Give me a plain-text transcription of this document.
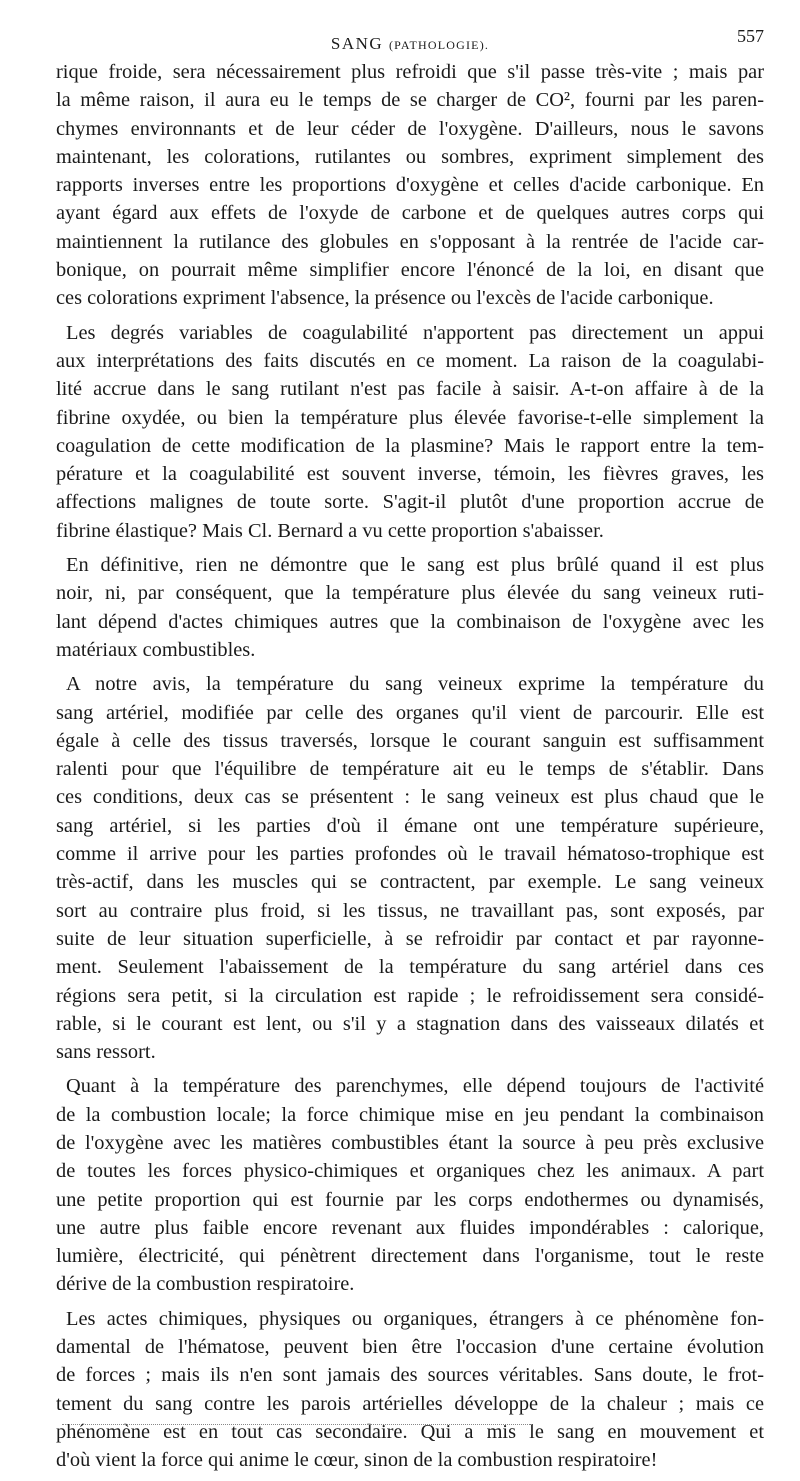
SANG (PATHOLOGIE).	557
rique froide, sera nécessairement plus refroidi que s'il passe très-vite ; mais par
la même raison, il aura eu le temps de se charger de CO², fourni par les paren-
chymes environnants et de leur céder de l'oxygène. D'ailleurs, nous le savons
maintenant, les colorations, rutilantes ou sombres, expriment simplement des
rapports inverses entre les proportions d'oxygène et celles d'acide carbonique. En
ayant égard aux effets de l'oxyde de carbone et de quelques autres corps qui
maintiennent la rutilance des globules en s'opposant à la rentrée de l'acide car-
bonique, on pourrait même simplifier encore l'énoncé de la loi, en disant que
ces colorations expriment l'absence, la présence ou l'excès de l'acide carbonique.
Les degrés variables de coagulabilité n'apportent pas directement un appui
aux interprétations des faits discutés en ce moment. La raison de la coagulabi-
lité accrue dans le sang rutilant n'est pas facile à saisir. A-t-on affaire à de la
fibrine oxydée, ou bien la température plus élevée favorise-t-elle simplement la
coagulation de cette modification de la plasmine? Mais le rapport entre la tem-
pérature et la coagulabilité est souvent inverse, témoin, les fièvres graves, les
affections malignes de toute sorte. S'agit-il plutôt d'une proportion accrue de
fibrine élastique? Mais Cl. Bernard a vu cette proportion s'abaisser.
En définitive, rien ne démontre que le sang est plus brûlé quand il est plus
noir, ni, par conséquent, que la température plus élevée du sang veineux ruti-
lant dépend d'actes chimiques autres que la combinaison de l'oxygène avec les
matériaux combustibles.
A notre avis, la température du sang veineux exprime la température du
sang artériel, modifiée par celle des organes qu'il vient de parcourir. Elle est
égale à celle des tissus traversés, lorsque le courant sanguin est suffisamment
ralenti pour que l'équilibre de température ait eu le temps de s'établir. Dans
ces conditions, deux cas se présentent : le sang veineux est plus chaud que le
sang artériel, si les parties d'où il émane ont une température supérieure,
comme il arrive pour les parties profondes où le travail hématoso-trophique est
très-actif, dans les muscles qui se contractent, par exemple. Le sang veineux
sort au contraire plus froid, si les tissus, ne travaillant pas, sont exposés, par
suite de leur situation superficielle, à se refroidir par contact et par rayonne-
ment. Seulement l'abaissement de la température du sang artériel dans ces
régions sera petit, si la circulation est rapide ; le refroidissement sera considé-
rable, si le courant est lent, ou s'il y a stagnation dans des vaisseaux dilatés et
sans ressort.
Quant à la température des parenchymes, elle dépend toujours de l'activité
de la combustion locale; la force chimique mise en jeu pendant la combinaison
de l'oxygène avec les matières combustibles étant la source à peu près exclusive
de toutes les forces physico-chimiques et organiques chez les animaux. A part
une petite proportion qui est fournie par les corps endothermes ou dynamisés,
une autre plus faible encore revenant aux fluides impondérables : calorique,
lumière, électricité, qui pénètrent directement dans l'organisme, tout le reste
dérive de la combustion respiratoire.
Les actes chimiques, physiques ou organiques, étrangers à ce phénomène fon-
damental de l'hématose, peuvent bien être l'occasion d'une certaine évolution
de forces ; mais ils n'en sont jamais des sources véritables. Sans doute, le frot-
tement du sang contre les parois artérielles développe de la chaleur ; mais ce
phénomène est en tout cas secondaire. Qui a mis le sang en mouvement et
d'où vient la force qui anime le cœur, sinon de la combustion respiratoire!
